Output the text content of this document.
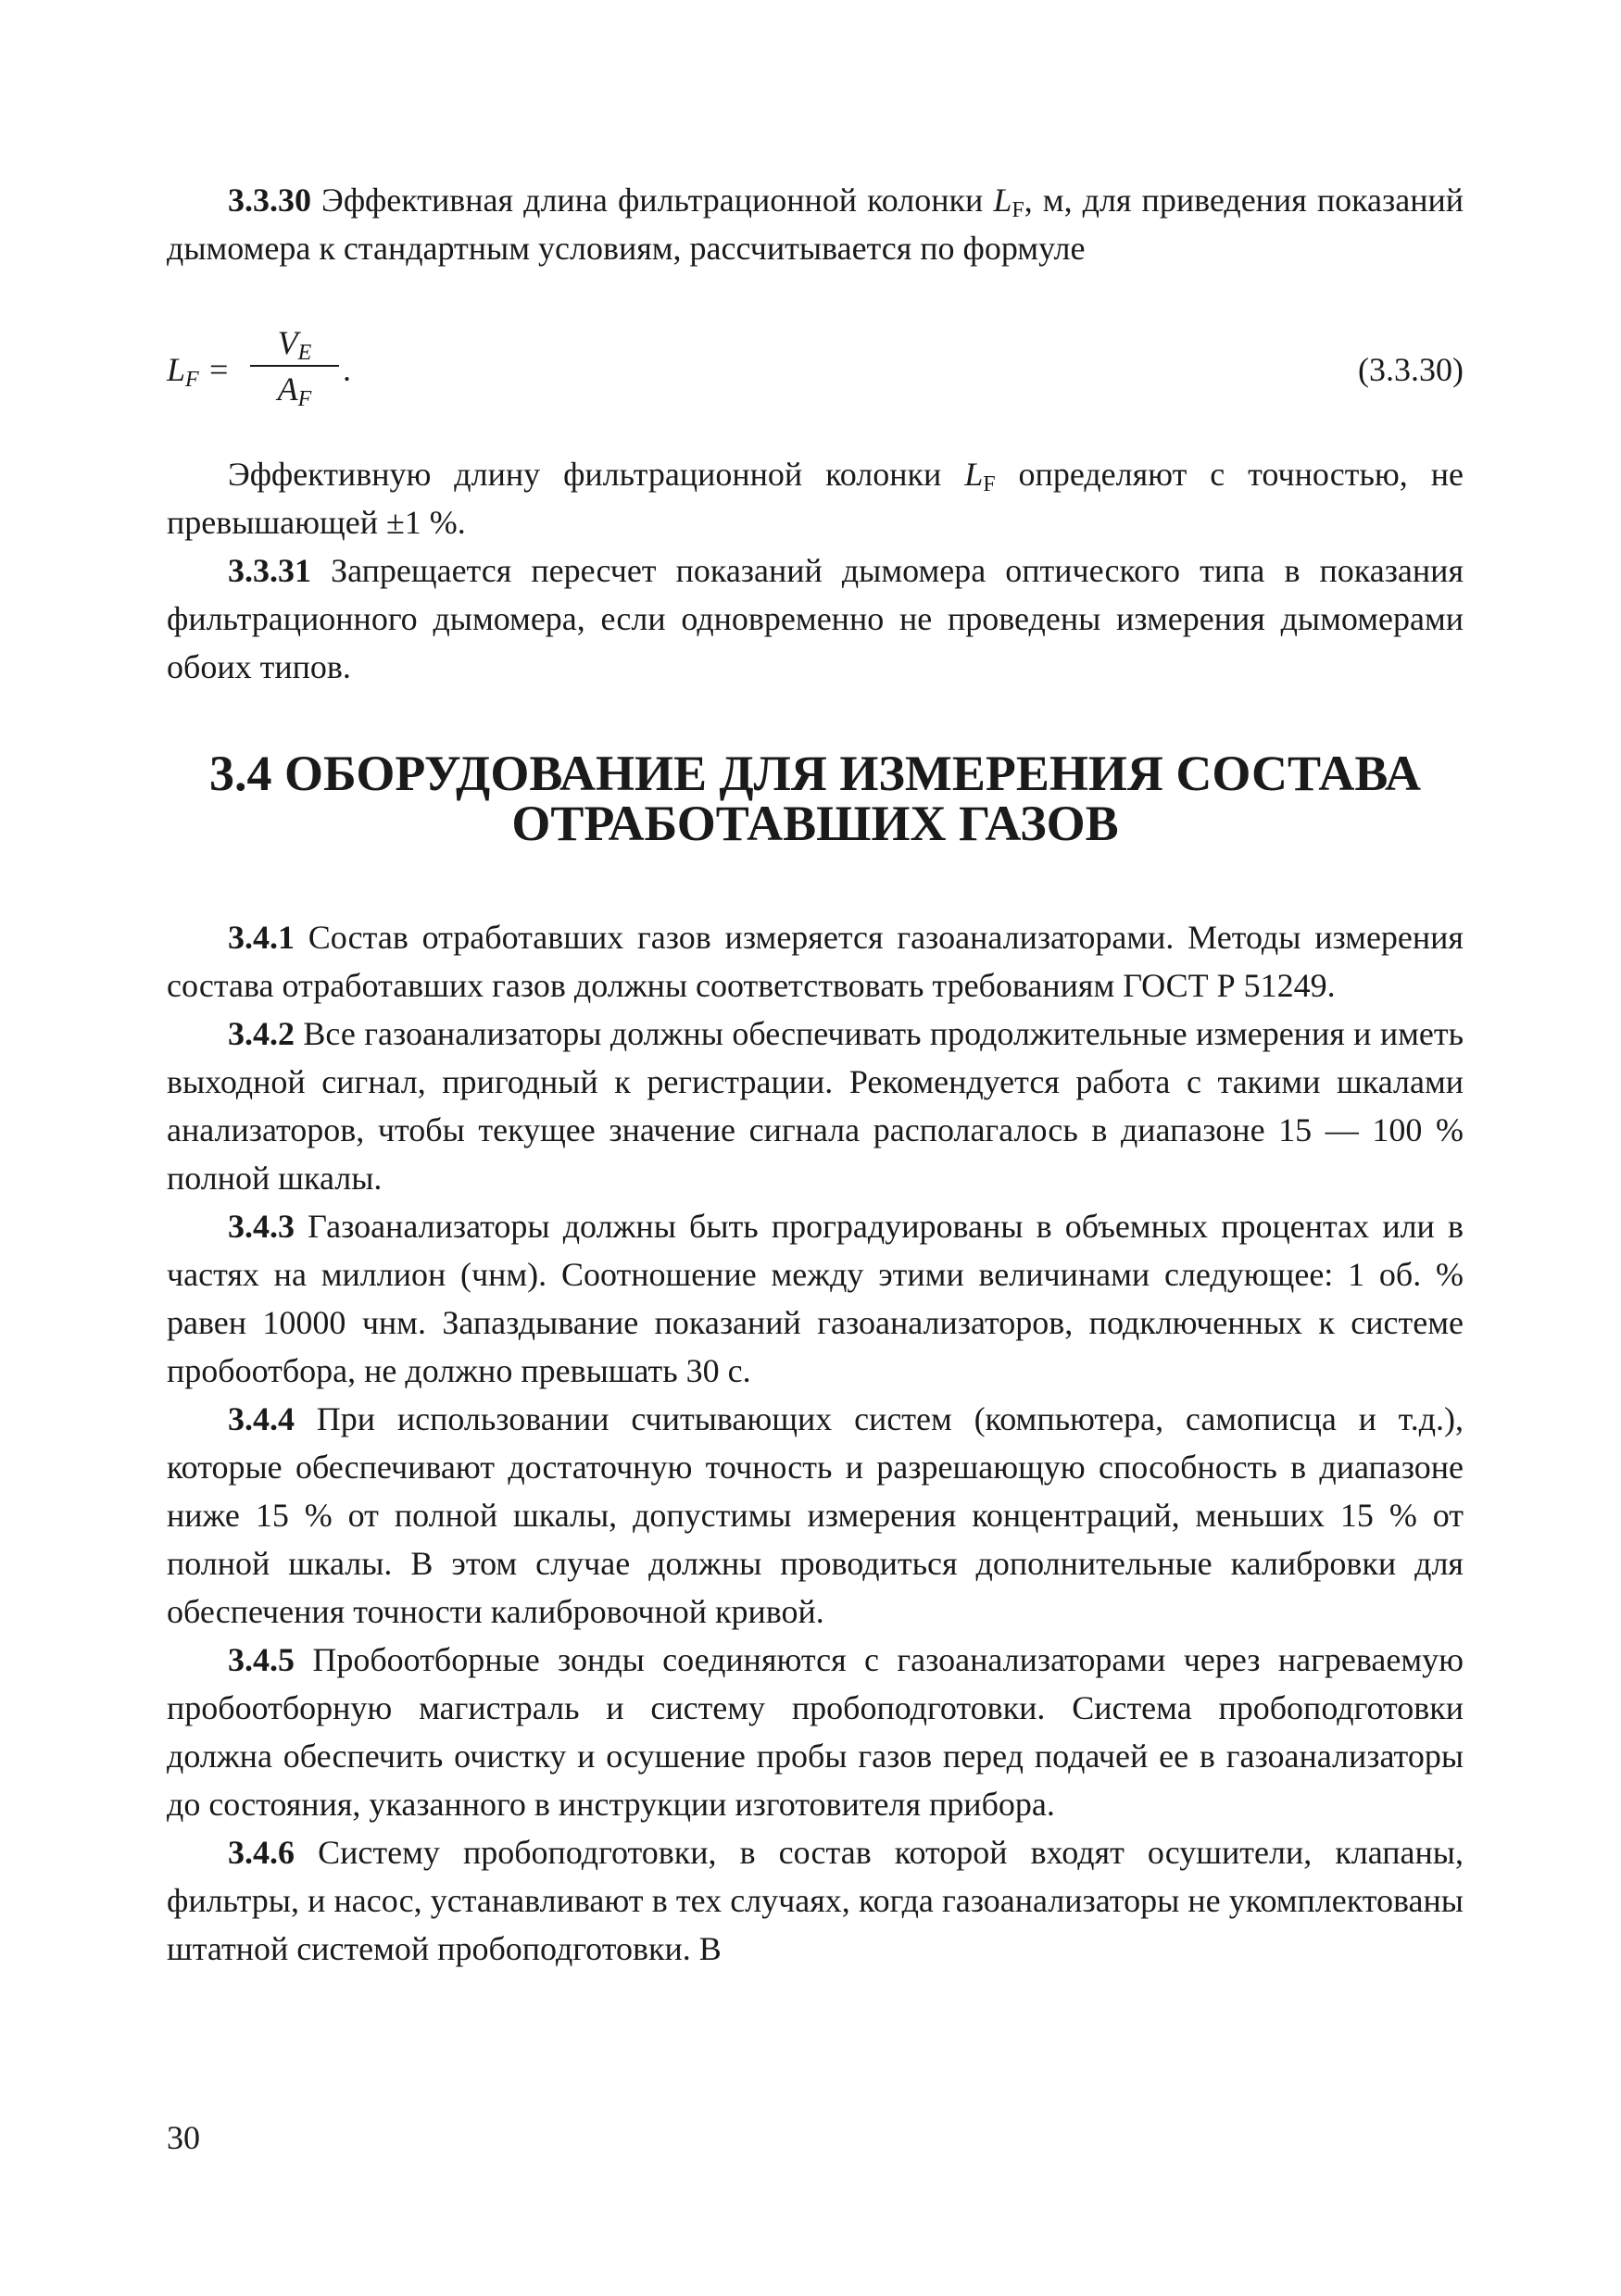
3.3.30 Эффективная длина фильтрационной колонки $L_F$, м, для приведения показаний дымомера к стандартным условиям, рассчитывается по формуле

$L_F$ =
$V_E$
$A_F$
.	(3.3.30)

Эффективную длину фильтрационной колонки $L_F$ определяют с точностью, не превышающей ±1 %.

3.3.31 Запрещается пересчет показаний дымомера оптического типа в показания фильтрационного дымомера, если одновременно не проведены измерения дымомерами обоих типов.

3.4 ОБОРУДОВАНИЕ ДЛЯ ИЗМЕРЕНИЯ СОСТАВА
ОТРАБОТАВШИХ ГАЗОВ

3.4.1 Состав отработавших газов измеряется газоанализаторами. Методы измерения состава отработавших газов должны соответствовать требованиям ГОСТ Р 51249.

3.4.2 Все газоанализаторы должны обеспечивать продолжительные измерения и иметь выходной сигнал, пригодный к регистрации. Рекомендуется работа с такими шкалами анализаторов, чтобы текущее значение сигнала располагалось в диапазоне 15 — 100 % полной шкалы.

3.4.3 Газоанализаторы должны быть проградуированы в объемных процентах или в частях на миллион (чнм). Соотношение между этими величинами следующее: 1 об. % равен 10000 чнм. Запаздывание показаний газоанализаторов, подключенных к системе пробоотбора, не должно превышать 30 с.

3.4.4 При использовании считывающих систем (компьютера, самописца и т.д.), которые обеспечивают достаточную точность и разрешающую способность в диапазоне ниже 15 % от полной шкалы, допустимы измерения концентраций, меньших 15 % от полной шкалы. В этом случае должны проводиться дополнительные калибровки для обеспечения точности калибровочной кривой.

3.4.5 Пробоотборные зонды соединяются с газоанализаторами через нагреваемую пробоотборную магистраль и систему пробоподготовки. Система пробоподготовки должна обеспечить очистку и осушение пробы газов перед подачей ее в газоанализаторы до состояния, указанного в инструкции изготовителя прибора.

3.4.6 Систему пробоподготовки, в состав которой входят осушители, клапаны, фильтры, и насос, устанавливают в тех случаях, когда газоанализаторы не укомплектованы штатной системой пробоподготовки. В

30
